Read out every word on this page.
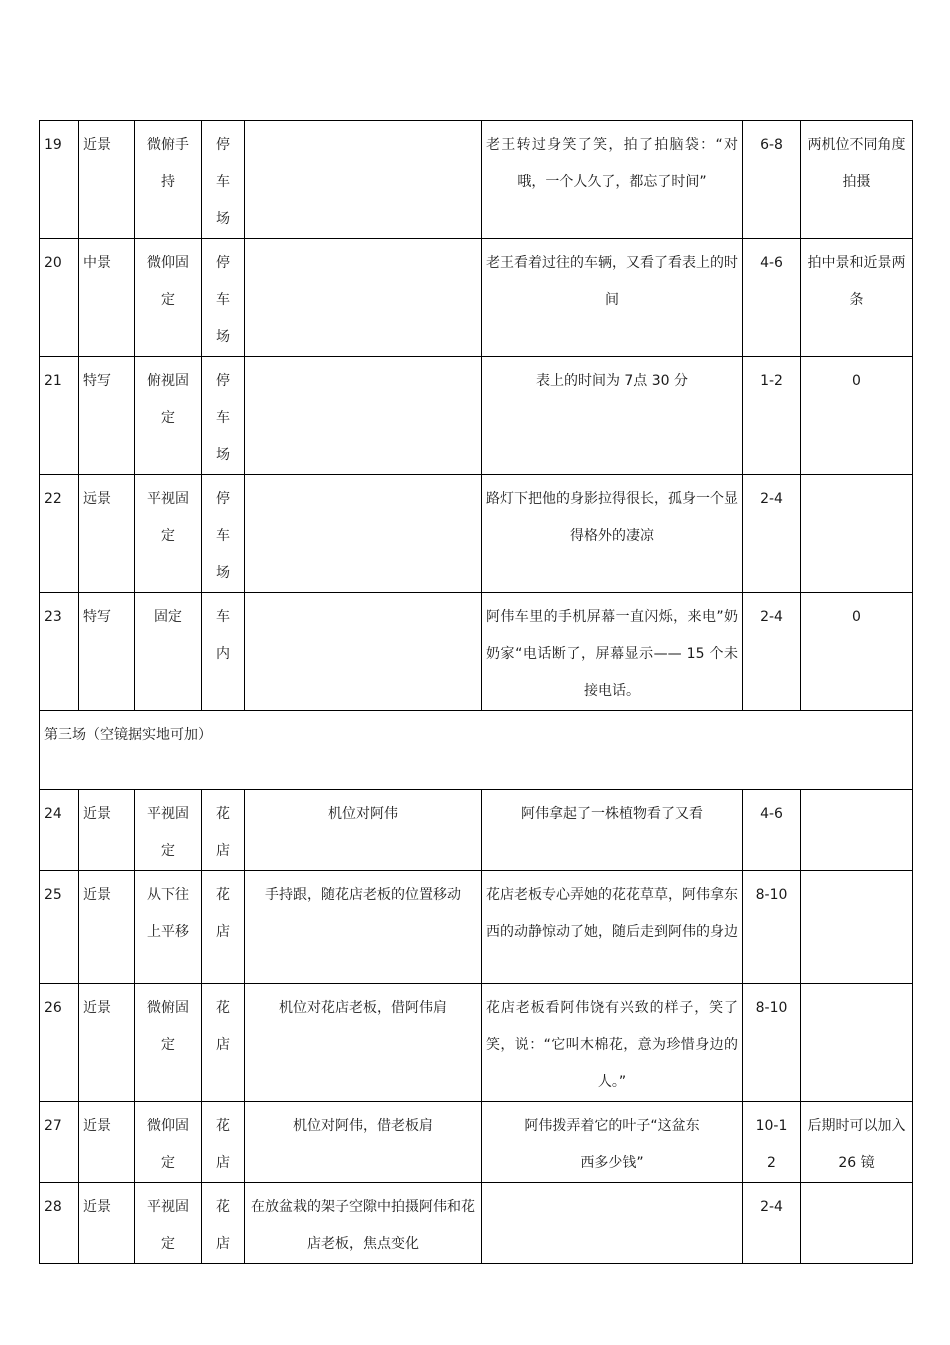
19	近景	微俯手持	停车场		老王转过身笑了笑，拍了拍脑袋：“对哦，一个人久了，都忘了时间”	6-8	两机位不同角度拍摄
20	中景	微仰固定	停车场		老王看着过往的车辆，又看了看表上的时间	4-6	拍中景和近景两条
21	特写	俯视固定	停车场		表上的时间为 7点 30 分	1-2	0
22	远景	平视固定	停车场		路灯下把他的身影拉得很长，孤身一个显得格外的凄凉	2-4	
23	特写	固定	车内		阿伟车里的手机屏幕一直闪烁，来电”奶奶家“电话断了，屏幕显示—— 15 个未接电话。	2-4	0
第三场（空镜据实地可加）							
24	近景	平视固定	花店	机位对阿伟	阿伟拿起了一株植物看了又看	4-6	
25	近景	从下往上平移	花店	手持跟，随花店老板的位置移动	花店老板专心弄她的花花草草，阿伟拿东西的动静惊动了她，随后走到阿伟的身边	8-10	
26	近景	微俯固定	花店	机位对花店老板，借阿伟肩	花店老板看阿伟饶有兴致的样子，笑了笑，说：“它叫木棉花，意为珍惜身边的人。”	8-10	
27	近景	微仰固定	花店	机位对阿伟，借老板肩	阿伟拨弄着它的叶子“这盆东西多少钱”	10-12	后期时可以加入 26 镜
28	近景	平视固定	花店	在放盆栽的架子空隙中拍摄阿伟和花店老板，焦点变化		2-4	
